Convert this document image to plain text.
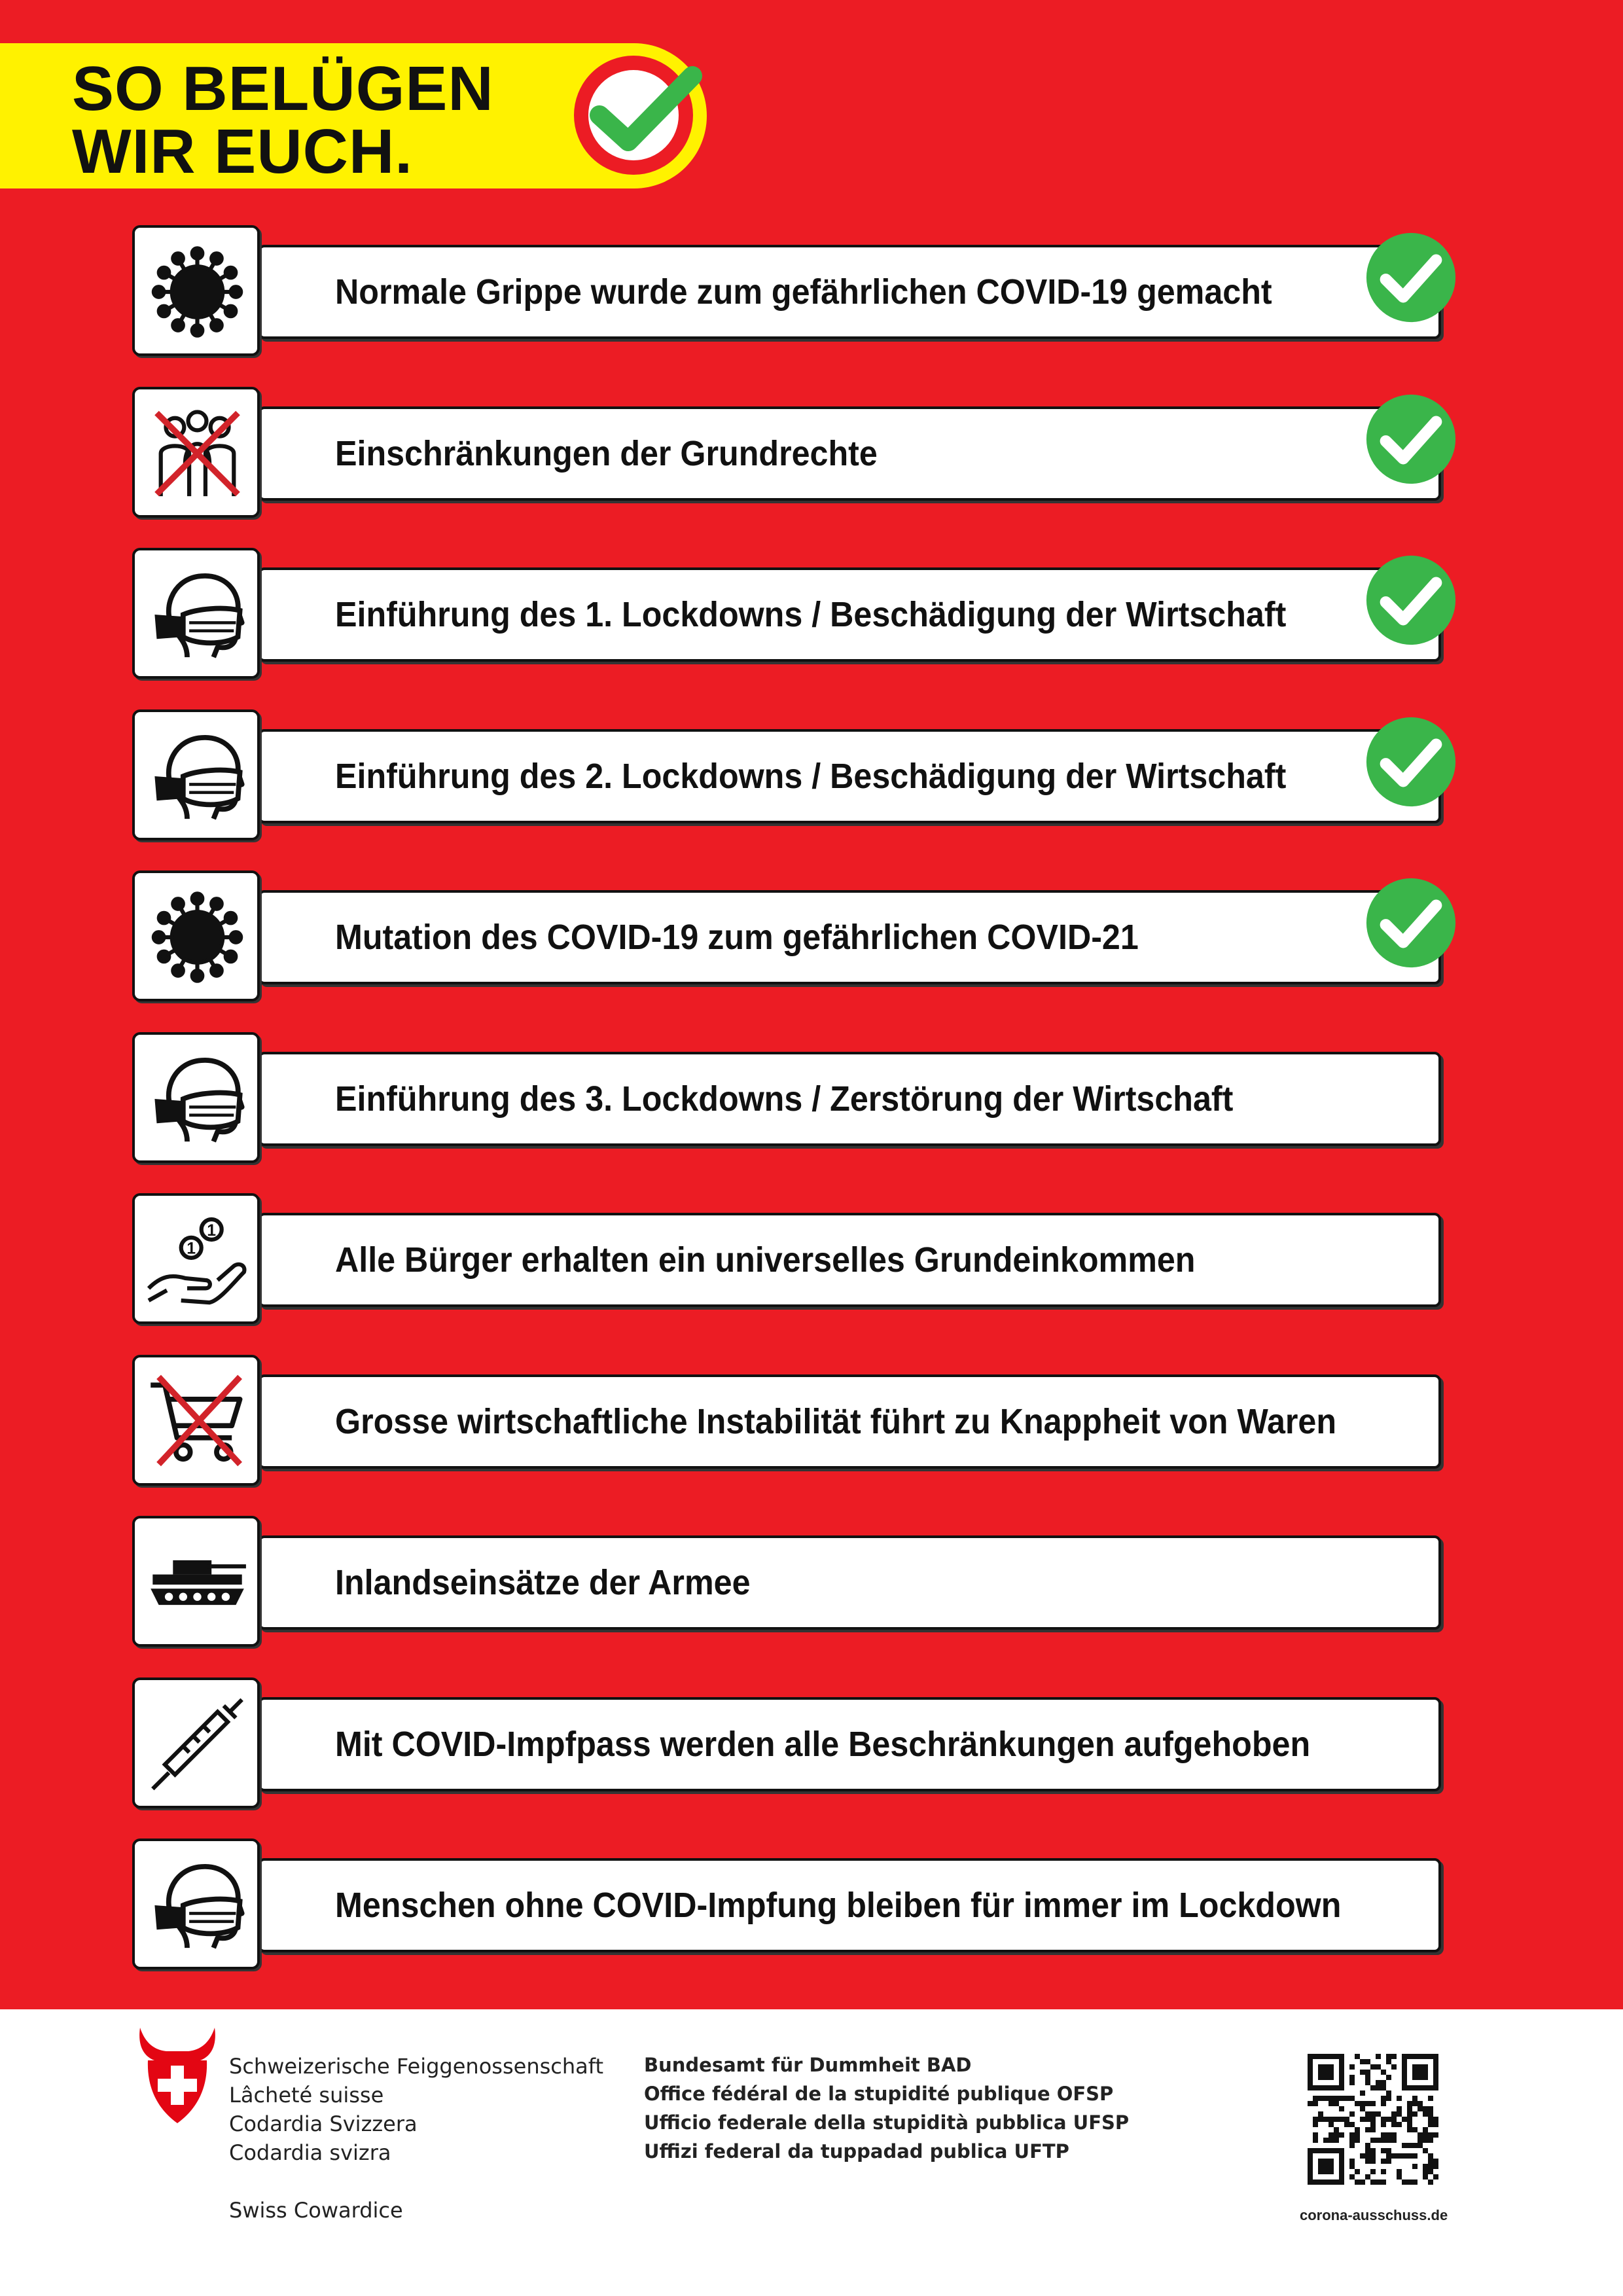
SO BELÜGEN
WIR EUCH.
Normale Grippe wurde zum gefährlichen COVID-19 gemacht
Einschränkungen der Grundrechte
Einführung des 1. Lockdowns / Beschädigung der Wirtschaft
Einführung des 2. Lockdowns / Beschädigung der Wirtschaft
Mutation des COVID-19 zum gefährlichen COVID-21
Einführung des 3. Lockdowns / Zerstörung der Wirtschaft
1
1
Alle Bürger erhalten ein universelles Grundeinkommen
Grosse wirtschaftliche Instabilität führt zu Knappheit von Waren
Inlandseinsätze der Armee
Mit COVID-Impfpass werden alle Beschränkungen aufgehoben
Menschen ohne COVID-Impfung bleiben für immer im Lockdown
Schweizerische Feiggenossenschaft
Lâcheté suisse
Codardia Svizzera
Codardia svizra
Swiss Cowardice
Bundesamt für Dummheit BAD
Office fédéral de la stupidité publique OFSP
Ufficio federale della stupidità pubblica UFSP
Uffizi federal da tuppadad publica UFTP
corona-ausschuss.de
